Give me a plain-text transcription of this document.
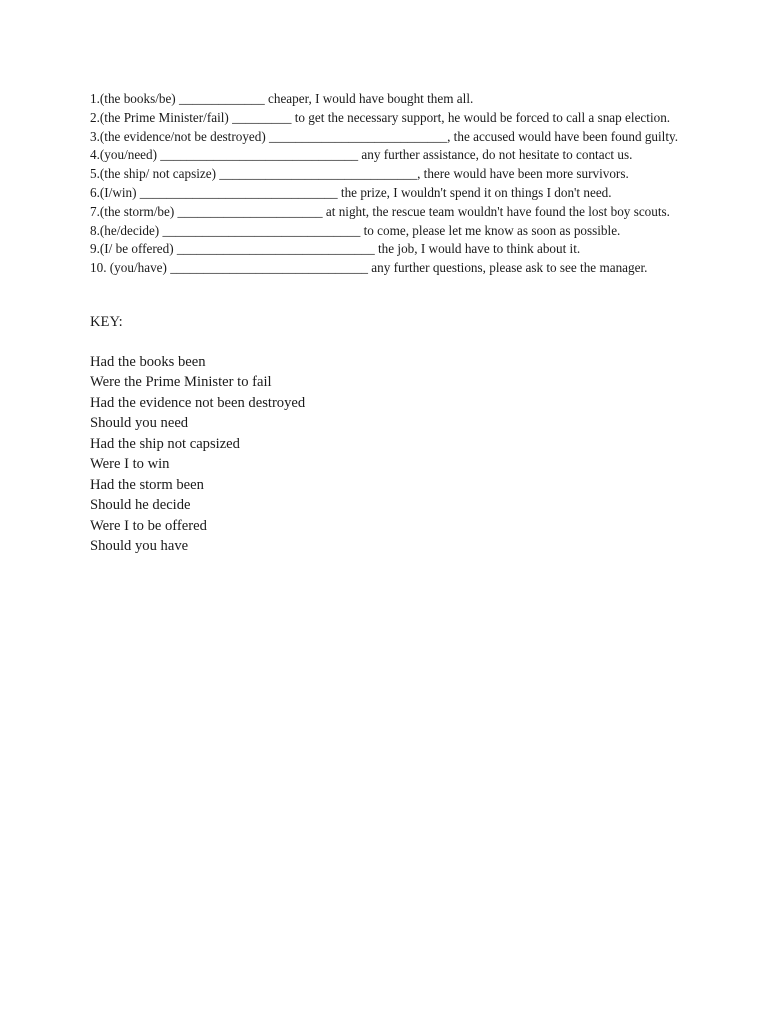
1.(the books/be) _____________ cheaper, I would have bought them all.

2.(the Prime Minister/fail) _________ to get the necessary support, he would be forced to call a snap election.

3.(the evidence/not be destroyed) ___________________________, the accused would have been found guilty.

4.(you/need) ______________________________ any further assistance, do not hesitate to contact us.

5.(the ship/ not capsize) ______________________________, there would have been more survivors.

6.(I/win) ______________________________ the prize, I wouldn't spend it on things I don't need.

7.(the storm/be) ______________________ at night, the rescue team wouldn't have found the lost boy scouts.

8.(he/decide) ______________________________ to come, please let me know as soon as possible.

9.(I/ be offered) ______________________________ the job, I would have to think about it.

10. (you/have) ______________________________ any further questions, please ask to see the manager.

KEY:

Had the books been

Were the Prime Minister to fail

Had the evidence not been destroyed

Should you need

Had the ship not capsized

Were I to win

Had the storm been

Should he decide

Were I to be offered

Should you have
